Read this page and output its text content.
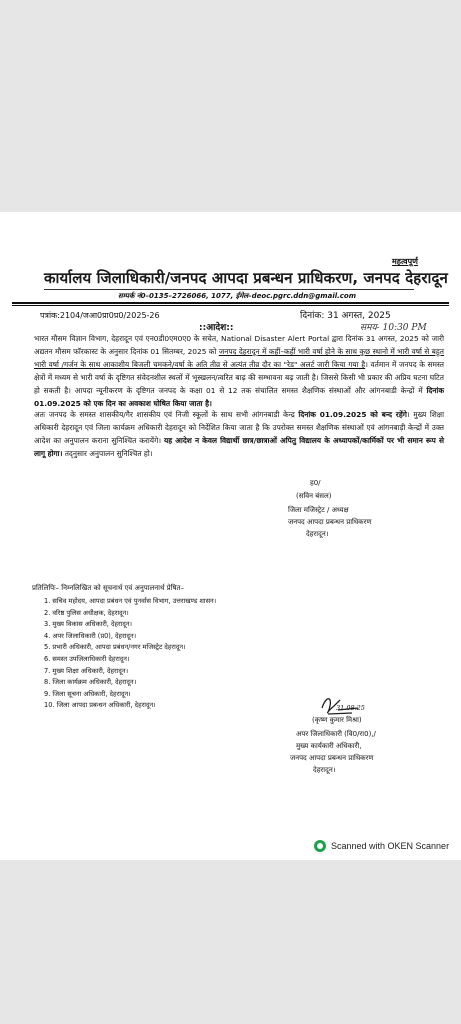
महत्वपूर्ण
कार्यालय जिलाधिकारी/जनपद आपदा प्रबन्धन प्राधिकरण, जनपद देहरादून
सम्पर्क नं0–0135–2726066, 1077, ईमेल–deoc.pgrc.ddn@gmail.com
पत्रांक:2104/जआ0प्रा0प्र0/2025-26	दिनांक: 31 अगस्त, 2025
::आदेश::	समय- 10:30 PM
भारत मौसम विज्ञान विभाग, देहरादून एवं एन0डी0एम0ए0 के सचेत, National Disaster Alert Portal द्वारा दिनांक 31 अगस्त, 2025 को जारी अद्यतन मौसम फॉरकास्ट के अनुसार दिनांक 01 सितम्बर, 2025 को जनपद देहरादून में कहीं–कहीं भारी वर्षा होने के साथ कुछ स्थानो में भारी वर्षा से बहुत भारी वर्षा /गर्जन के साथ आकाशीय बिजली चमकने/वर्षा के अति तीव्र से अत्यंत तीव्र दौर का "रेड" अलर्ट जारी किया गया है। वर्तमान में जनपद के समस्त क्षेत्रों में मध्यम से भारी वर्षा के दृष्टिगत संवेदनशील स्थलों में भूस्खलन/त्वरित बाढ़ की सम्भावना बढ़ जाती है। जिससे किसी भी प्रकार की अप्रिय घटना घटित हो सकती है। आपदा न्यूनीकरण के दृष्टिगत जनपद के कक्षा 01 से 12 तक संचालित समस्त शैक्षणिक संस्थाओं और आंगनबाडी केन्द्रों में दिनांक 01.09.2025 को एक दिन का अवकाश घोषित किया जाता है।
अतः जनपद के समस्त शासकीय/गैर शासकीय एवं निजी स्कूलों के साथ सभी आंगनबाडी केन्द्र दिनांक 01.09.2025 को बन्द रहेंगे। मुख्य शिक्षा अधिकारी देहरादून एवं जिला कार्यक्रम अधिकारी देहरादून को निर्देशित किया जाता है कि उपरोक्त समस्त शैक्षणिक संस्थाओं एवं आंगनबाड़ी केन्द्रों में उक्त आदेश का अनुपालन कराना सुनिश्चित करायेंगे। यह आदेश न केवल विद्यार्थी छात्र/छात्राओं अपितु विद्यालय के अध्यापकों/कार्मिकों पर भी समान रूप से लागू होगा। तद्नुसार अनुपालन सुनिश्चित हो।
ह0/
(सविन बंसल)
जिला मजिस्ट्रेट / अध्यक्ष
जनपद आपदा प्रबन्धन प्राधिकरण
देहरादून।
प्रतिलिपिः– निम्नलिखित को सूचनार्थ एवं अनुपालनार्थ प्रेषित–
1. सचिव महोदय, आपदा प्रबंधन एवं पुनर्वास विभाग, उत्तराखण्ड शासन।
2. वरिष्ठ पुलिस अधीक्षक, देहरादून।
3. मुख्य विकास अधिकारी, देहरादून।
4. अपर जिलाधिकारी (प्र0), देहरादून।
5. प्रभारी अधिकारी, आपदा प्रबंधन/नगर मजिस्ट्रेट देहरादून।
6. समस्त उपजिलाधिकारी देहरादून।
7. मुख्य शिक्षा अधिकारी, देहरादून।
8. जिला कार्यक्रम अधिकारी, देहरादून।
9. जिला सूचना अधिकारी, देहरादून।
10. जिला आपदा प्रबन्धन अधिकारी, देहरादून।	31.08.25
(कृष्ण कुमार मिश्रा)
अपर जिलाधिकारी (वि0/रा0),/
मुख्य कार्यकारी अधिकारी,
जनपद आपदा प्रबन्धन प्राधिकरण
देहरादून।
Scanned with OKEN Scanner
